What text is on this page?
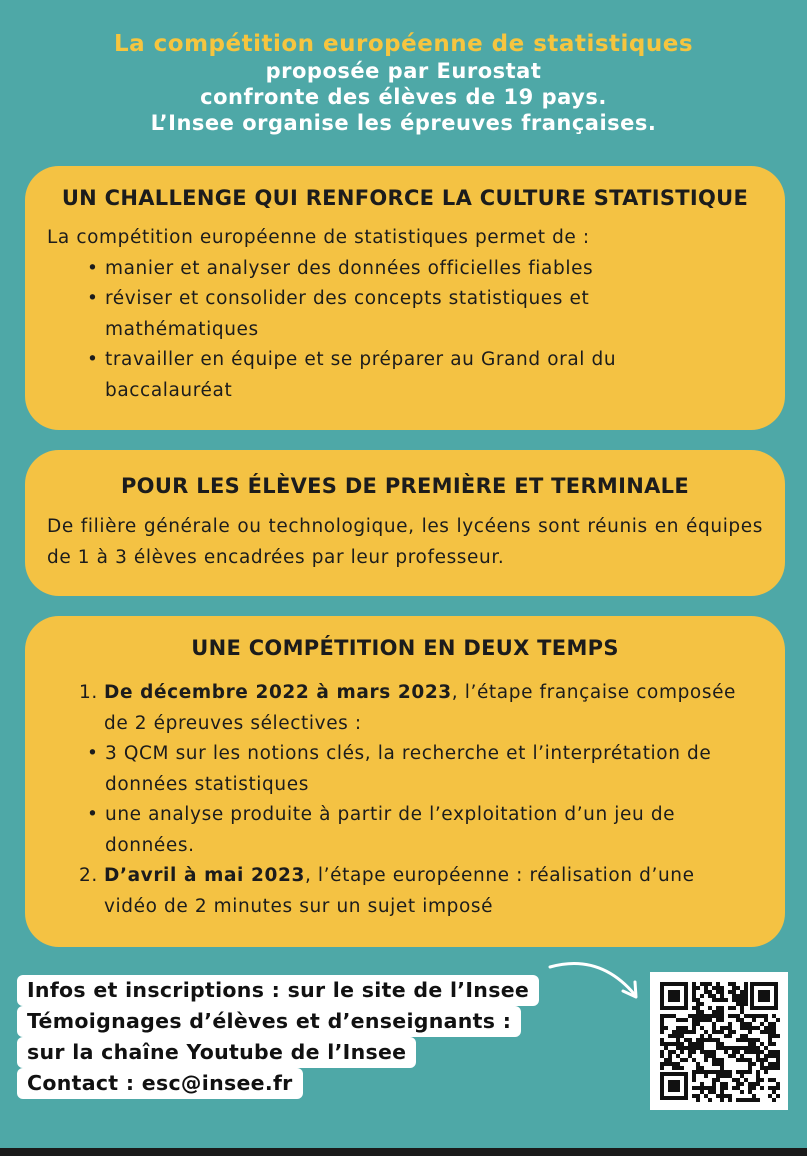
La compétition européenne de statistiques
proposée par Eurostat
confronte des élèves de 19 pays.
L’Insee organise les épreuves françaises.
UN CHALLENGE QUI RENFORCE LA CULTURE STATISTIQUE
La compétition européenne de statistiques permet de :
• manier et analyser des données officielles fiables
• réviser et consolider des concepts statistiques et
mathématiques
• travailler en équipe et se préparer au Grand oral du
baccalauréat
POUR LES ÉLÈVES DE PREMIÈRE ET TERMINALE
De filière générale ou technologique, les lycéens sont réunis en équipes de 1 à 3 élèves encadrées par leur professeur.
UNE COMPÉTITION EN DEUX TEMPS
1. De décembre 2022 à mars 2023, l’étape française composée
de 2 épreuves sélectives :
• 3 QCM sur les notions clés, la recherche et l’interprétation de
données statistiques
• une analyse produite à partir de l’exploitation d’un jeu de
données.
2. D’avril à mai 2023, l’étape européenne : réalisation d’une
vidéo de 2 minutes sur un sujet imposé
Infos et inscriptions : sur le site de l’Insee
Témoignages d’élèves et d’enseignants :
sur la chaîne Youtube de l’Insee
Contact : esc@insee.fr
